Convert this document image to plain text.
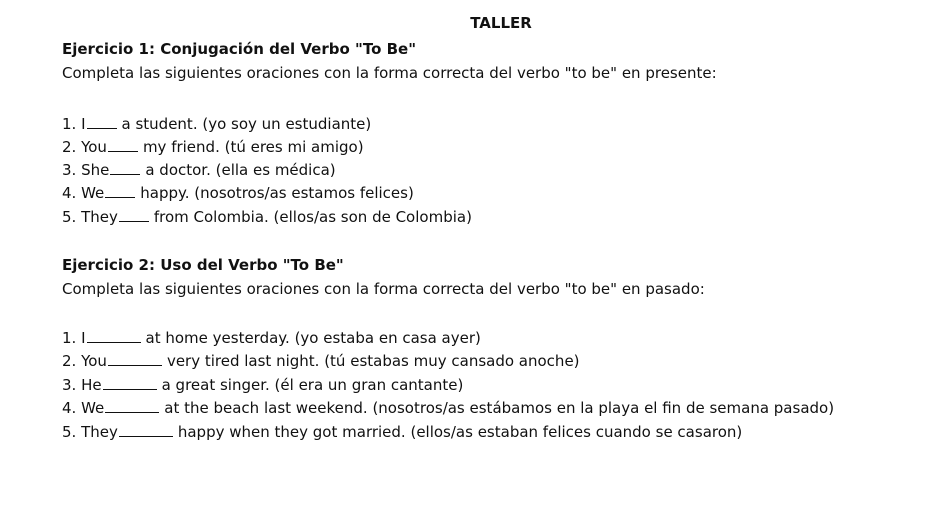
TALLER
Ejercicio 1: Conjugación del Verbo "To Be"
Completa las siguientes oraciones con la forma correcta del verbo "to be" en presente:
1. I a student. (yo soy un estudiante)
2. You my friend. (tú eres mi amigo)
3. She a doctor. (ella es médica)
4. We happy. (nosotros/as estamos felices)
5. They from Colombia. (ellos/as son de Colombia)
Ejercicio 2: Uso del Verbo "To Be"
Completa las siguientes oraciones con la forma correcta del verbo "to be" en pasado:
1. I	at home yesterday. (yo estaba en casa ayer)
2. You	very tired last night. (tú estabas muy cansado anoche)
3. He	a great singer. (él era un gran cantante)
4. We	at the beach last weekend. (nosotros/as estábamos en la playa el fin de semana pasado)
5. They	happy when they got married. (ellos/as estaban felices cuando se casaron)
